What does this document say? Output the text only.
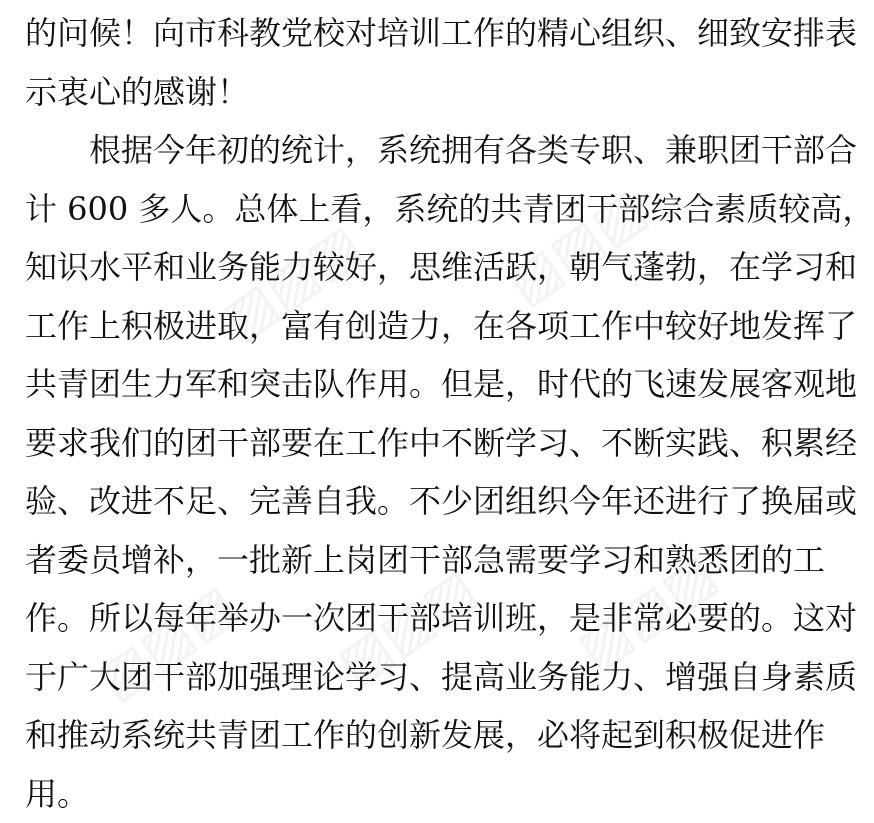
▨▨▨ ▨▨▨
▨▨▨ ▨▨▨ ▨▨▨
的问候！向市科教党校对培训工作的精心组织、细致安排表
示衷心的感谢！
根据今年初的统计，系统拥有各类专职、兼职团干部合
计 600 多人。总体上看，系统的共青团干部综合素质较高，
知识水平和业务能力较好，思维活跃，朝气蓬勃，在学习和
工作上积极进取，富有创造力，在各项工作中较好地发挥了
共青团生力军和突击队作用。但是，时代的飞速发展客观地
要求我们的团干部要在工作中不断学习、不断实践、积累经
验、改进不足、完善自我。不少团组织今年还进行了换届或
者委员增补，一批新上岗团干部急需要学习和熟悉团的工
作。所以每年举办一次团干部培训班，是非常必要的。这对
于广大团干部加强理论学习、提高业务能力、增强自身素质
和推动系统共青团工作的创新发展，必将起到积极促进作
用。
